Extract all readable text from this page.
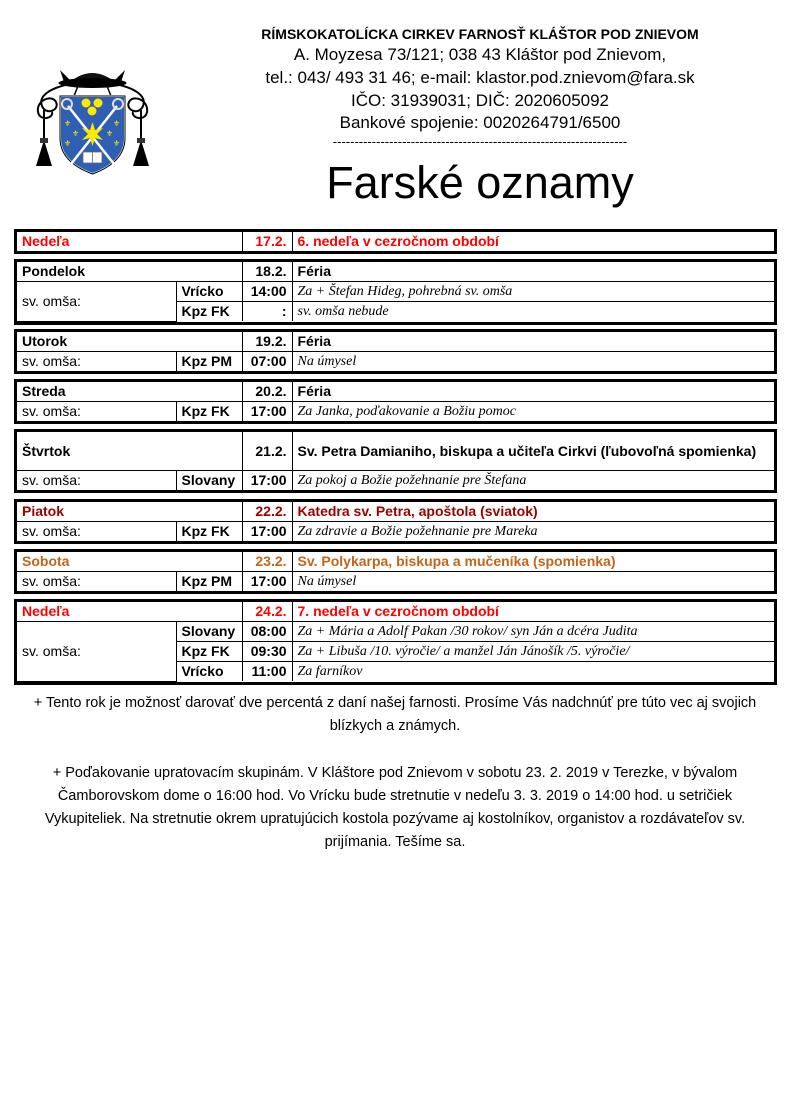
⚜
⚜
⚜
⚜
⚜
⚜
RÍMSKOKATOLÍCKA CIRKEV FARNOSŤ KLÁŠTOR POD ZNIEVOM
A. Moyzesa 73/121; 038 43 Kláštor pod Znievom,
tel.: 043/ 493 31 46; e-mail: klastor.pod.znievom@fara.sk
IČO: 31939031; DIČ: 2020605092
Bankové spojenie: 0020264791/6500
--------------------------------------------------------------------
Farské oznamy
Nedeľa	17.2.	6. nedeľa v cezročnom období
Pondelok		18.2.	Féria
sv. omša:	Vrícko	14:00	Za + Štefan Hideg, pohrebná sv. omša
	Kpz FK	:	sv. omša nebude
Utorok		19.2.	Féria
sv. omša:	Kpz PM	07:00	Na úmysel
Streda		20.2.	Féria
sv. omša:	Kpz FK	17:00	Za Janka, poďakovanie a Božiu pomoc
Štvrtok		21.2.	Sv. Petra Damianiho, biskupa a učiteľa Cirkvi (ľubovoľná spomienka)
sv. omša:	Slovany	17:00	Za pokoj a Božie požehnanie pre Štefana
Piatok		22.2.	Katedra sv. Petra, apoštola (sviatok)
sv. omša:	Kpz FK	17:00	Za zdravie a Božie požehnanie pre Mareka
Sobota		23.2.	Sv. Polykarpa, biskupa a mučeníka (spomienka)
sv. omša:	Kpz PM	17:00	Na úmysel
Nedeľa		24.2.	7. nedeľa v cezročnom období
sv. omša:	Slovany	08:00	Za + Mária a Adolf Pakan /30 rokov/ syn Ján a dcéra Judita
	Kpz FK	09:30	Za + Libuša /10. výročie/ a manžel Ján Jánošík /5. výročie/
	Vrícko	11:00	Za farníkov
+ Tento rok je možnosť darovať dve percentá z daní našej farnosti. Prosíme Vás nadchnúť pre túto vec aj svojich blízkych a známych.
+ Poďakovanie upratovacím skupinám. V Kláštore pod Znievom v sobotu 23. 2. 2019 v Terezke, v bývalom Čamborovskom dome o 16:00 hod. Vo Vrícku bude stretnutie v nedeľu 3. 3. 2019 o 14:00 hod. u setričiek Vykupiteliek. Na stretnutie okrem upratujúcich kostola pozývame aj kostolníkov, organistov a rozdávateľov sv. prijímania. Tešíme sa.
